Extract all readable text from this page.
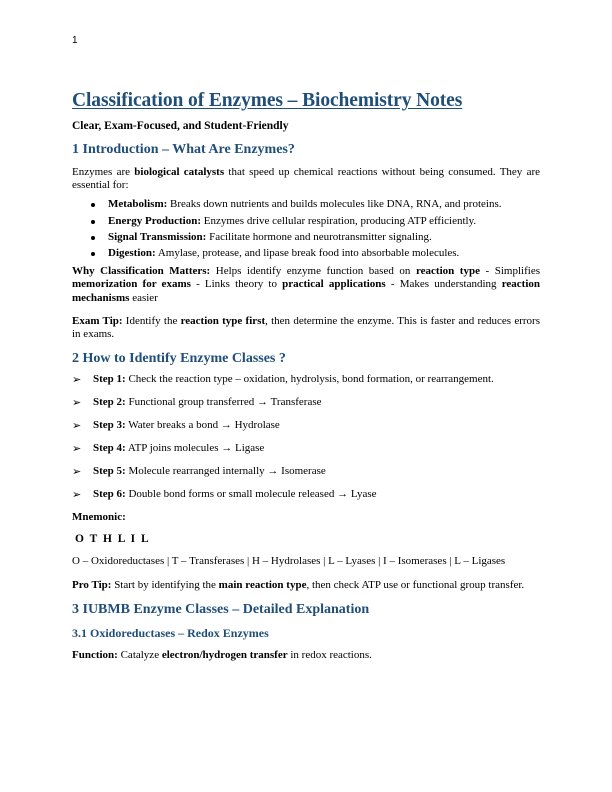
1
Classification of Enzymes – Biochemistry Notes
Clear, Exam-Focused, and Student-Friendly
1 Introduction – What Are Enzymes?

Enzymes are biological catalysts that speed up chemical reactions without being consumed. They are essential for:

Metabolism: Breaks down nutrients and builds molecules like DNA, RNA, and proteins.
Energy Production: Enzymes drive cellular respiration, producing ATP efficiently.
Signal Transmission: Facilitate hormone and neurotransmitter signaling.
Digestion: Amylase, protease, and lipase break food into absorbable molecules.

Why Classification Matters: Helps identify enzyme function based on reaction type - Simplifies memorization for exams - Links theory to practical applications - Makes understanding reaction mechanisms easier

Exam Tip: Identify the reaction type first, then determine the enzyme. This is faster and reduces errors in exams.

2 How to Identify Enzyme Classes ?
➢ Step 1: Check the reaction type – oxidation, hydrolysis, bond formation, or rearrangement.
➢ Step 2: Functional group transferred → Transferase
➢ Step 3: Water breaks a bond → Hydrolase
➢ Step 4: ATP joins molecules → Ligase
➢ Step 5: Molecule rearranged internally → Isomerase
➢ Step 6: Double bond forms or small molecule released → Lyase

Mnemonic:

O T H L I L

O – Oxidoreductases | T – Transferases | H – Hydrolases | L – Lyases | I – Isomerases | L – Ligases

Pro Tip: Start by identifying the main reaction type, then check ATP use or functional group transfer.

3 IUBMB Enzyme Classes – Detailed Explanation
3.1 Oxidoreductases – Redox Enzymes

Function: Catalyze electron/hydrogen transfer in redox reactions.
